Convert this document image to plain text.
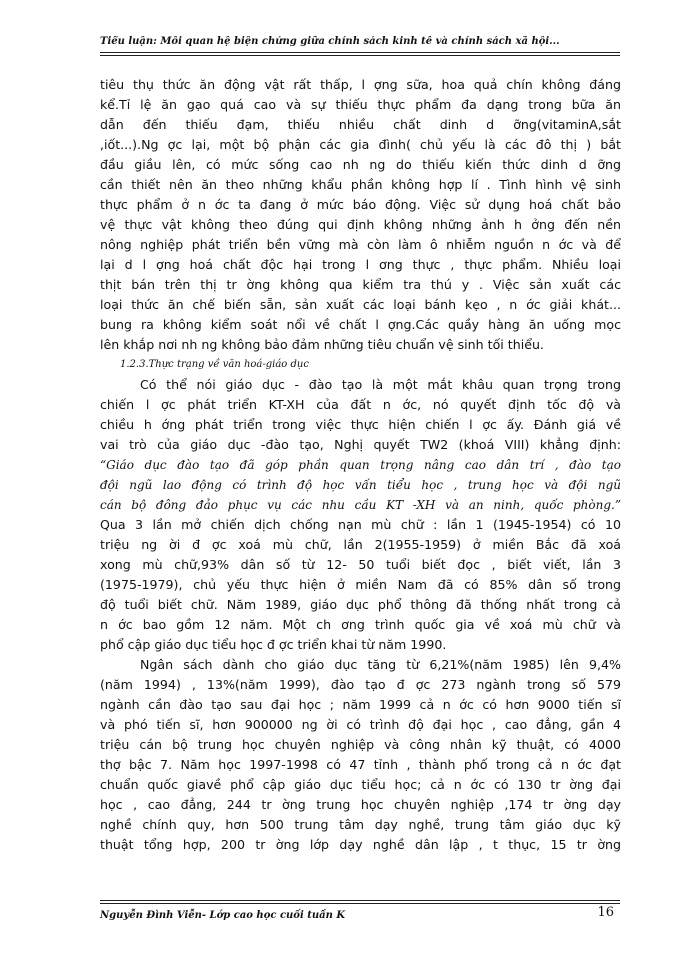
Tiểu luận: Mối quan hệ biện chứng giữa chính sách kinh tế và chính sách xã hội...
tiêu thụ thức ăn động vật rất thấp, l ợng sữa, hoa quả chín không đáng
kể.Tỉ lệ ăn gạo quá cao và sự thiếu thực phẩm đa dạng trong bữa ăn
dẫn đến thiếu đạm, thiếu nhiều chất dinh d ỡng(vitaminA,sắt
,iốt...).Ng ợc lại, một bộ phận các gia đình( chủ yếu là các đô thị ) bắt
đầu giầu lên, có mức sống cao nh ng do thiếu kiến thức dinh d ỡng
cần thiết nên ăn theo những khẩu phần không hợp lí . Tình hình vệ sinh
thực phẩm ở n ớc ta đang ở mức báo động. Việc sử dụng hoá chất bảo
vệ thực vật không theo đúng qui định không những ảnh h ởng đến nền
nông nghiệp phát triển bền vững mà còn làm ô nhiễm nguồn n ớc và để
lại d l ợng hoá chất độc hại trong l ơng thực , thực phẩm. Nhiều loại
thịt bán trên thị tr ờng không qua kiểm tra thú y . Việc sản xuất các
loại thức ăn chế biến sẵn, sản xuất các loại bánh kẹo , n ớc giải khát...
bung ra không kiểm soát nổi về chất l ợng.Các quầy hàng ăn uống mọc
lên khắp nơi nh ng không bảo đảm những tiêu chuẩn vệ sinh tối thiểu.
1.2.3.Thực trạng về văn hoá-giáo dục
Có thể nói giáo dục - đào tạo là một mắt khâu quan trọng trong
chiến l ợc phát triển KT-XH của đất n ớc, nó quyết định tốc độ và
chiều h ớng phát triển trong việc thực hiện chiến l ợc ấy. Đánh giá về
vai trò của giáo dục -đào tạo, Nghị quyết TW2 (khoá VIII) khẳng định:
“Giáo dục đào tạo đã góp phần quan trọng nâng cao dân trí , đào tạo
đội ngũ lao động có trình độ học vấn tiểu học , trung học và đội ngũ
cán bộ đông đảo phục vụ các nhu cầu KT -XH và an ninh, quốc phòng.”
Qua 3 lần mở chiến dịch chống nạn mù chữ : lần 1 (1945-1954) có 10
triệu ng ời đ ợc xoá mù chữ, lần 2(1955-1959) ở miền Bắc đã xoá
xong mù chữ,93% dân số từ 12- 50 tuổi biết đọc , biết viết, lần 3
(1975-1979), chủ yếu thực hiện ở miền Nam đã có 85% dân số trong
độ tuổi biết chữ. Năm 1989, giáo dục phổ thông đã thống nhất trong cả
n ớc bao gồm 12 năm. Một ch ơng trình quốc gia về xoá mù chữ và
phổ cập giáo dục tiểu học đ ợc triển khai từ năm 1990.
Ngân sách dành cho giáo dục tăng từ 6,21%(năm 1985) lên 9,4%
(năm 1994) , 13%(năm 1999), đào tạo đ ợc 273 ngành trong số 579
ngành cần đào tạo sau đại học ; năm 1999 cả n ớc có hơn 9000 tiến sĩ
và phó tiến sĩ, hơn 900000 ng ời có trình độ đại học , cao đẳng, gần 4
triệu cán bộ trung học chuyên nghiệp và công nhân kỹ thuật, có 4000
thợ bậc 7. Năm học 1997-1998 có 47 tỉnh , thành phố trong cả n ớc đạt
chuẩn quốc giavề phổ cập giáo dục tiểu học; cả n ớc có 130 tr ờng đại
học , cao đẳng, 244 tr ờng trung học chuyên nghiệp ,174 tr ờng dạy
nghề chính quy, hơn 500 trung tâm dạy nghề, trung tâm giáo dục kỹ
thuật tổng hợp, 200 tr ờng lớp dạy nghề dân lập , t thục, 15 tr ờng
Nguyễn Đình Viễn- Lớp cao học cuối tuần K	16
